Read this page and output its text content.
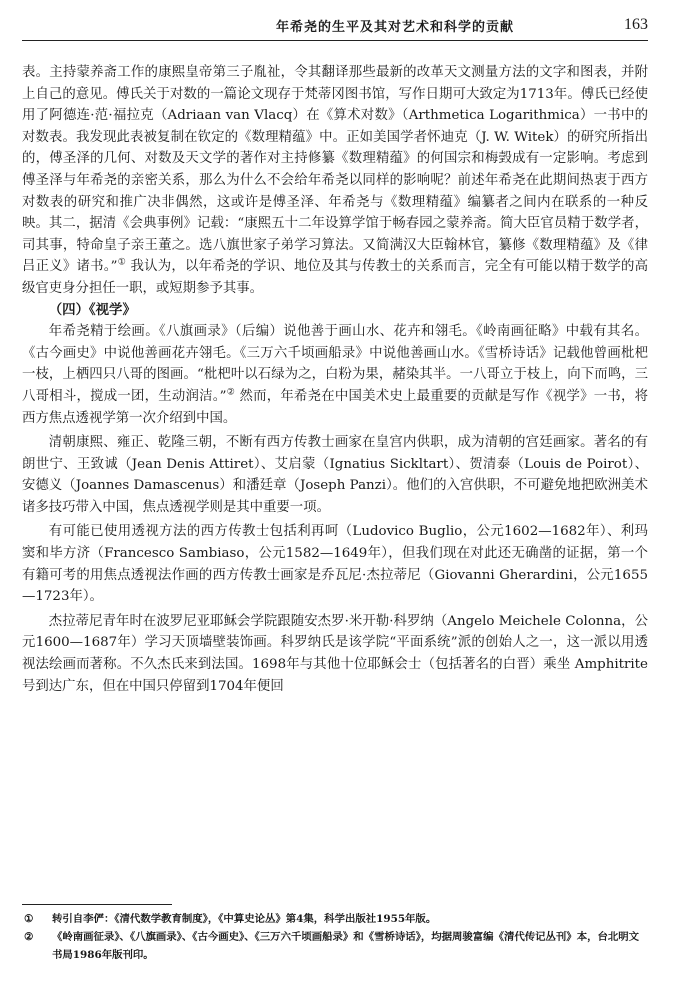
年希尧的生平及其对艺术和科学的贡献	163

表。主持蒙养斋工作的康熙皇帝第三子胤祉，令其翻译那些最新的改革天文测量方法的文字和图表，并附上自己的意见。傅氏关于对数的一篇论文现存于梵蒂冈图书馆，写作日期可大致定为1713年。傅氏已经使用了阿德连·范·福拉克（Adriaan van Vlacq）在《算术对数》（Arthmetica Logarithmica）一书中的对数表。我发现此表被复制在钦定的《数理精蕴》中。正如美国学者怀迪克（J. W. Witek）的研究所指出的，傅圣泽的几何、对数及天文学的著作对主持修纂《数理精蕴》的何国宗和梅瑴成有一定影响。考虑到傅圣泽与年希尧的亲密关系，那么为什么不会给年希尧以同样的影响呢？前述年希尧在此期间热衷于西方对数表的研究和推广决非偶然，这或许是傅圣泽、年希尧与《数理精蕴》编纂者之间内在联系的一种反映。其二，据清《会典事例》记载：“康熙五十二年设算学馆于畅春园之蒙养斋。简大臣官员精于数学者，司其事，特命皇子亲王董之。选八旗世家子弟学习算法。又简满汉大臣翰林官，纂修《数理精蕴》及《律吕正义》诸书。”① 我认为，以年希尧的学识、地位及其与传教士的关系而言，完全有可能以精于数学的高级官吏身分担任一职，或短期参予其事。

（四）《视学》

年希尧精于绘画。《八旗画录》（后编）说他善于画山水、花卉和翎毛。《岭南画征略》中载有其名。《古今画史》中说他善画花卉翎毛。《三万六千顷画船录》中说他善画山水。《雪桥诗话》记载他曾画枇杷一枝，上栖四只八哥的图画。“枇杷叶以石绿为之，白粉为果，赭染其半。一八哥立于枝上，向下而鸣，三八哥相斗，搅成一团，生动润洁。”② 然而，年希尧在中国美术史上最重要的贡献是写作《视学》一书，将西方焦点透视学第一次介绍到中国。

清朝康熙、雍正、乾隆三朝，不断有西方传教士画家在皇宫内供职，成为清朝的宫廷画家。著名的有朗世宁、王致诚（Jean Denis Attiret）、艾启蒙（Ignatius Sickltart）、贺清泰（Louis de Poirot）、安德义（Joannes Damascenus）和潘廷章（Joseph Panzi）。他们的入宫供职，不可避免地把欧洲美术诸多技巧带入中国，焦点透视学则是其中重要一项。

有可能已使用透视方法的西方传教士包括利再呵（Ludovico Buglio，公元1602—1682年）、利玛窦和毕方济（Francesco Sambiaso，公元1582—1649年），但我们现在对此还无确凿的证据，第一个有籍可考的用焦点透视法作画的西方传教士画家是乔瓦尼·杰拉蒂尼（Giovanni Gherardini，公元1655—1723年）。

杰拉蒂尼青年时在波罗尼亚耶稣会学院跟随安杰罗·米开勒·科罗纳（Angelo Meichele Colonna，公元1600—1687年）学习天顶墙壁装饰画。科罗纳氏是该学院“平面系统”派的创始人之一，这一派以用透视法绘画而著称。不久杰氏来到法国。1698年与其他十位耶稣会士（包括著名的白晋）乘坐 Amphitrite 号到达广东，但在中国只停留到1704年便回

①	转引自李俨：《清代数学教育制度》，《中算史论丛》第4集，科学出版社1955年版。
②	《岭南画征录》、《八旗画录》、《古今画史》、《三万六千顷画船录》和《雪桥诗话》，均据周骏富编《清代传记丛刊》本，台北明文书局1986年版刊印。
